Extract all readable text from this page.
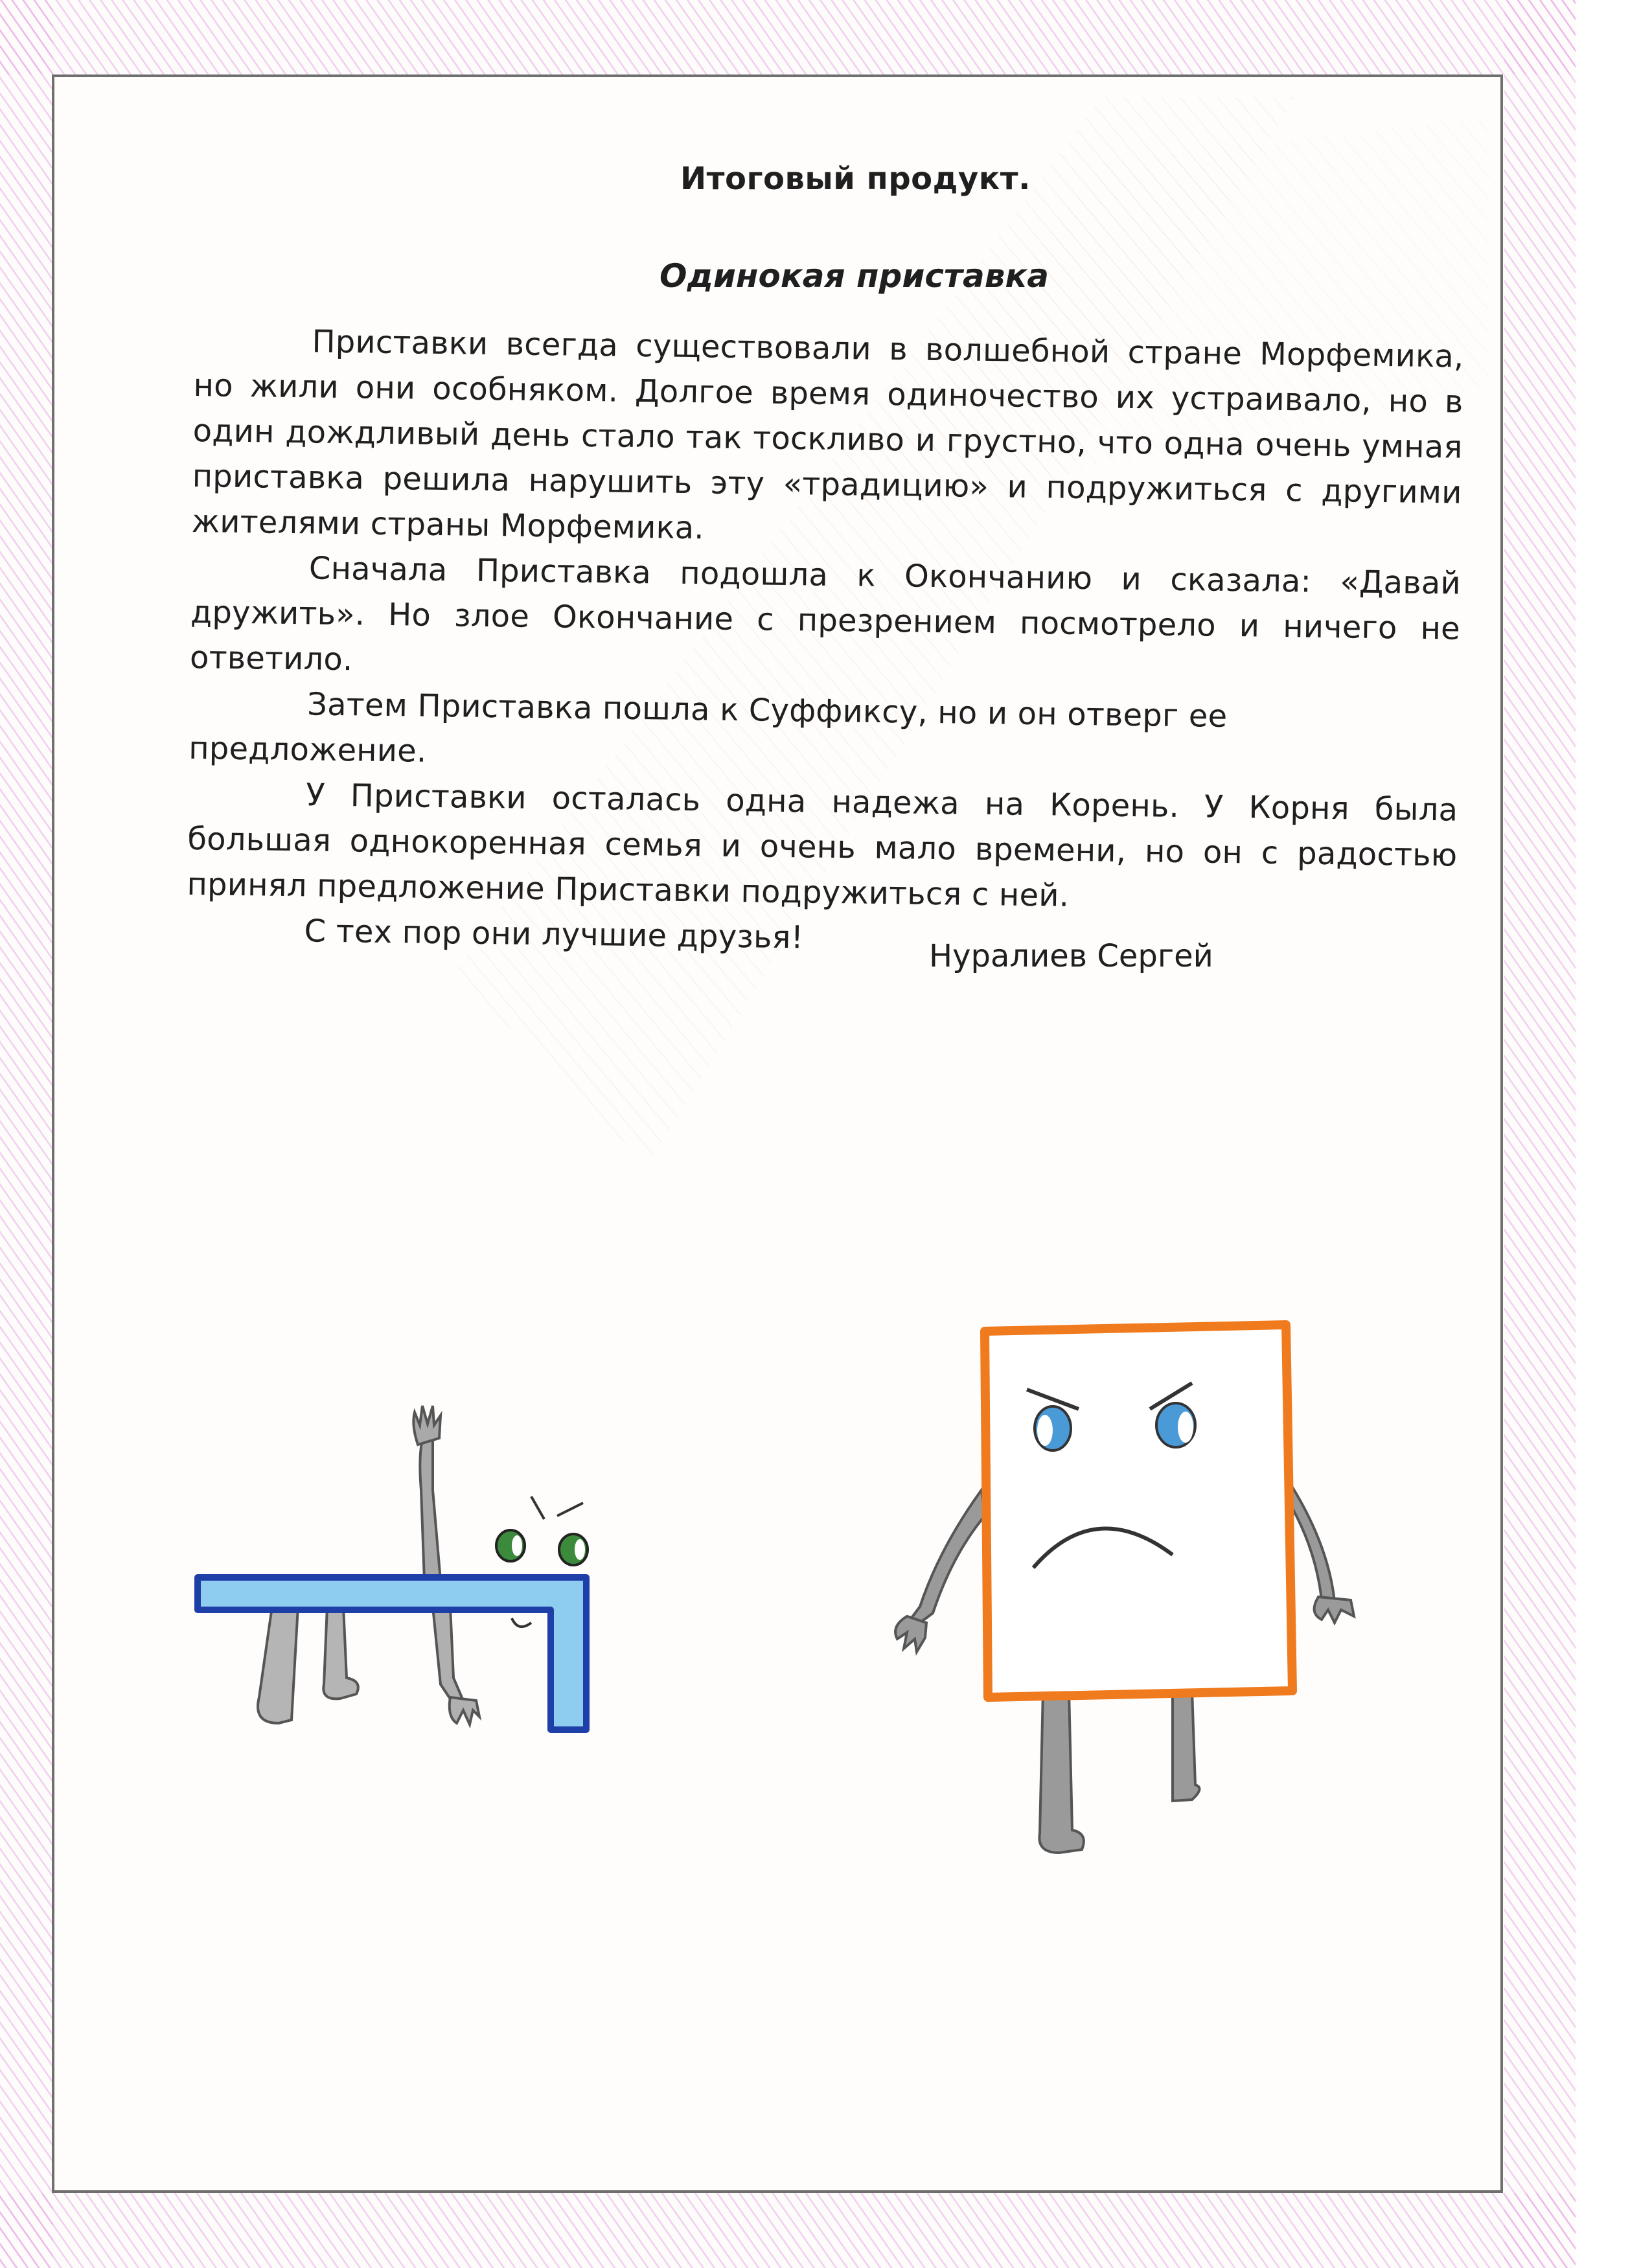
Итоговый продукт.
Одинокая приставка

Приставки всегда существовали в волшебной стране Морфемика, но жили они особняком. Долгое время одиночество их устраивало, но в один дождливый день стало так тоскливо и грустно, что одна очень умная приставка решила нарушить эту «традицию» и подружиться с другими жителями страны Морфемика.

Сначала Приставка подошла к Окончанию и сказала: «Давай дружить». Но злое Окончание с презрением посмотрело и ничего не ответило.

Затем Приставка пошла к Суффиксу, но и он отверг ее предложение.

У Приставки осталась одна надежа на Корень. У Корня была большая однокоренная семья и очень мало времени, но он с радостью принял предложение Приставки подружиться с ней.

С тех пор они лучшие друзья!

Нуралиев Сергей
